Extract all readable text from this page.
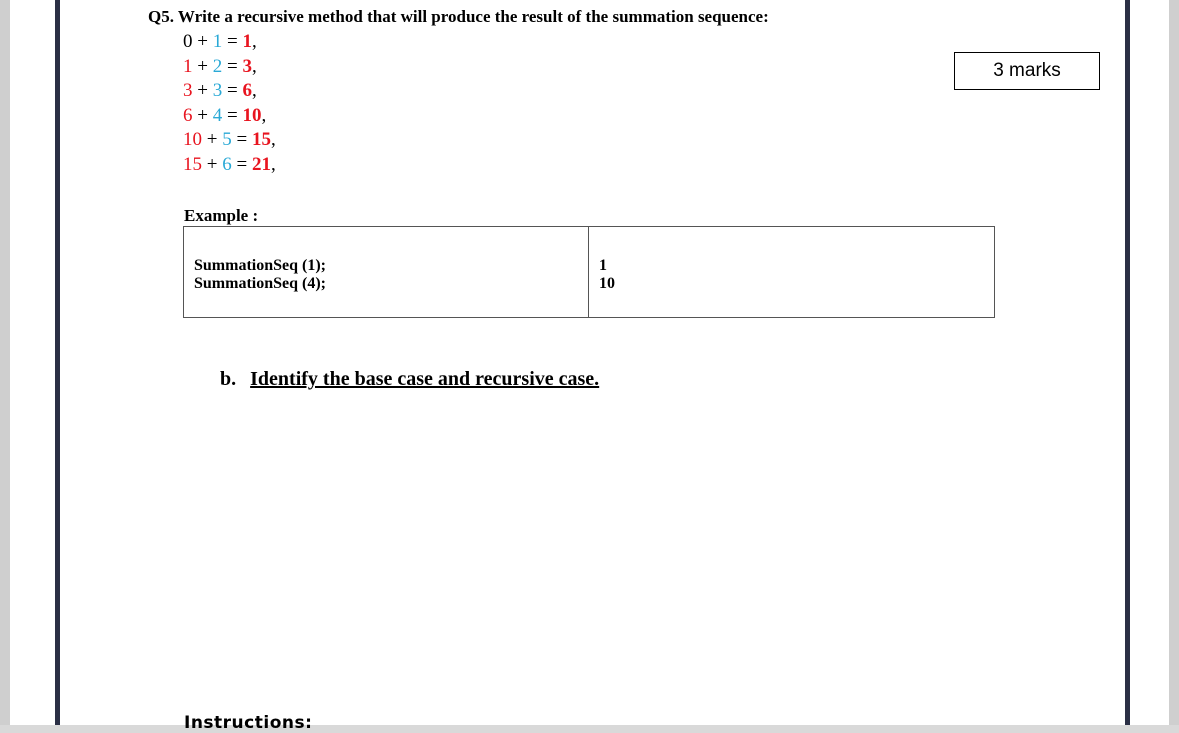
Q5. Write a recursive method that will produce the result of the summation sequence:
0 + 1 = 1,
1 + 2 = 3,
3 + 3 = 6,
6 + 4 = 10,
10 + 5 = 15,
15 + 6 = 21,
3 marks
Example :
SummationSeq (1);
SummationSeq (4);
1
10
b. Identify the base case and recursive case.
Instructions:
